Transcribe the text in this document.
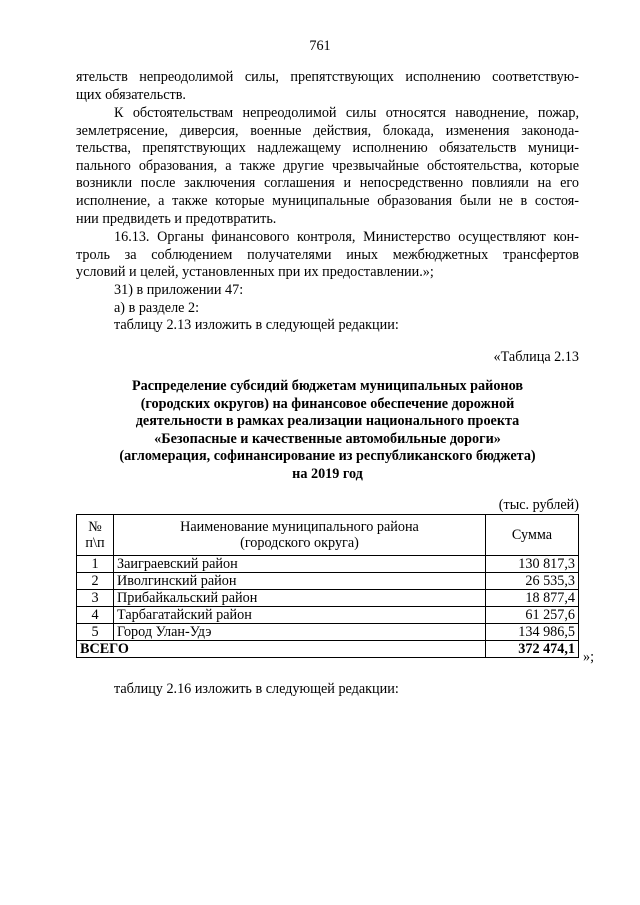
761
ятельств непреодолимой силы, препятствующих исполнению соответствую-
щих обязательств.
К обстоятельствам непреодолимой силы относятся наводнение, пожар,
землетрясение, диверсия, военные действия, блокада, изменения законода-
тельства, препятствующих надлежащему исполнению обязательств муници-
пального образования, а также другие чрезвычайные обстоятельства, которые
возникли после заключения соглашения и непосредственно повлияли на его
исполнение, а также которые муниципальные образования были не в состоя-
нии предвидеть и предотвратить.
16.13. Органы финансового контроля, Министерство осуществляют кон-
троль за соблюдением получателями иных межбюджетных трансфертов
условий и целей, установленных при их предоставлении.»;
31) в приложении 47:
а) в разделе 2:
таблицу 2.13 изложить в следующей редакции:
«Таблица 2.13
Распределение субсидий бюджетам муниципальных районов
(городских округов) на финансовое обеспечение дорожной
деятельности в рамках реализации национального проекта
«Безопасные и качественные автомобильные дороги»
(агломерация, софинансирование из республиканского бюджета)
на 2019 год
(тыс. рублей)
№
п\п	Наименование муниципального района
(городского округа)	Сумма
1	Заиграевский район	130 817,3
2	Иволгинский район	26 535,3
3	Прибайкальский район	18 877,4
4	Тарбагатайский район	61 257,6
5	Город Улан-Удэ	134 986,5
ВСЕГО		372 474,1 »;
таблицу 2.16 изложить в следующей редакции:
